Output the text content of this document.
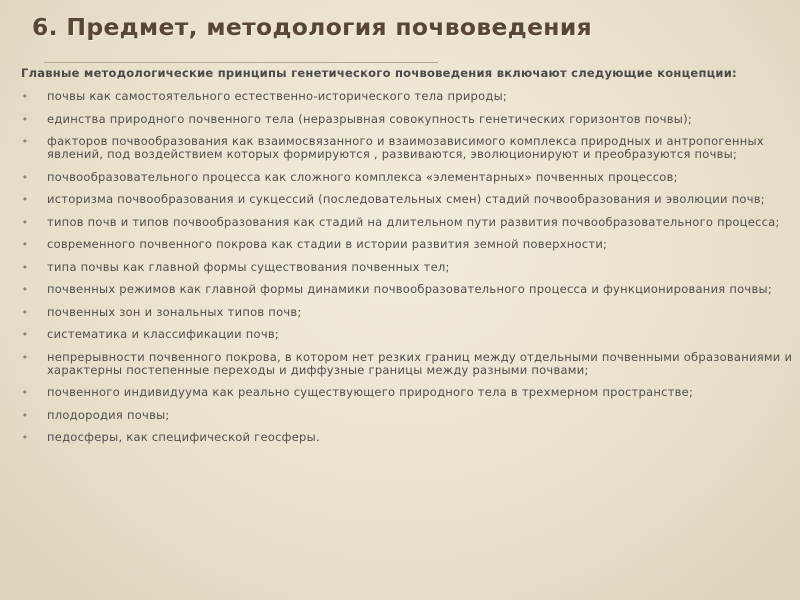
6. Предмет, методология почвоведения

Главные методологические принципы генетического почвоведения включают следующие концепции:

• почвы как самостоятельного естественно-исторического тела природы;
• единства природного почвенного тела (неразрывная совокупность генетических горизонтов почвы);
• факторов почвообразования как взаимосвязанного и взаимозависимого комплекса природных и антропогенных явлений, под воздействием которых формируются , развиваются, эволюционируют и преобразуются почвы;
• почвообразовательного процесса как сложного комплекса «элементарных» почвенных процессов;
• историзма почвообразования и сукцессий (последовательных смен) стадий почвообразования и эволюции почв;
• типов почв и типов почвообразования как стадий на длительном пути развития почвообразовательного процесса;
• современного почвенного покрова как стадии в истории развития земной поверхности;
• типа почвы как главной формы существования почвенных тел;
• почвенных режимов как главной формы динамики почвообразовательного процесса и функционирования почвы;
• почвенных зон и зональных типов почв;
• систематика и классификации почв;
• непрерывности почвенного покрова, в котором нет резких границ между отдельными почвенными образованиями и характерны постепенные переходы и диффузные границы между разными почвами;
• почвенного индивидуума как реально существующего природного тела в трехмерном пространстве;
• плодородия почвы;
• педосферы, как специфической геосферы.
